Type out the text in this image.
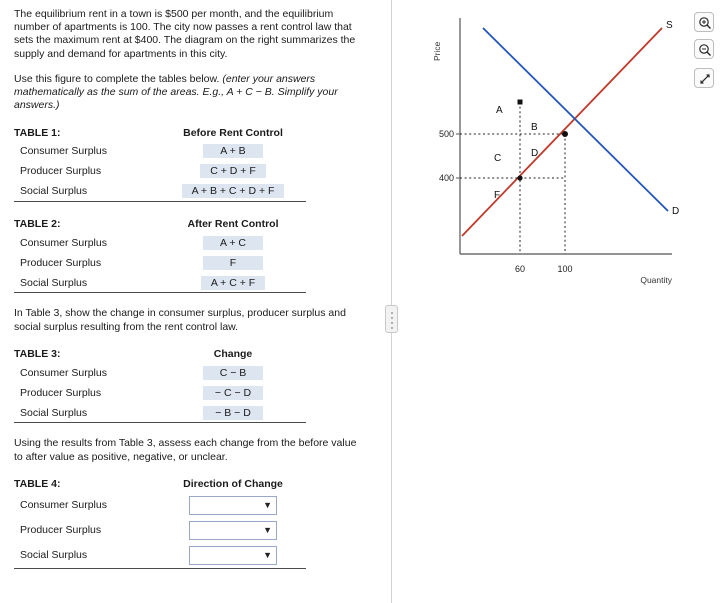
The equilibrium rent in a town is $500 per month, and the equilibrium number of apartments is 100. The city now passes a rent control law that sets the maximum rent at $400. The diagram on the right summarizes the supply and demand for apartments in this city.

Use this figure to complete the tables below. (enter your answers mathematically as the sum of the areas. E.g., A + C − B. Simplify your answers.)

TABLE 1:	Before Rent Control
Consumer Surplus	A + B
Producer Surplus	C + D + F
Social Surplus	A + B + C + D + F
TABLE 2:	After Rent Control
Consumer Surplus	A + C
Producer Surplus	F
Social Surplus	A + C + F

In Table 3, show the change in consumer surplus, producer surplus and social surplus resulting from the rent control law.

TABLE 3:	Change
Consumer Surplus	C − B
Producer Surplus	− C − D
Social Surplus	− B − D

Using the results from Table 3, assess each change from the before value to after value as positive, negative, or unclear.

TABLE 4:	Direction of Change
Consumer Surplus	▼

Producer Surplus	▼

Social Surplus	▼
500
400
60	100
Price
Quantity
S
D
A
B
C	D
F
